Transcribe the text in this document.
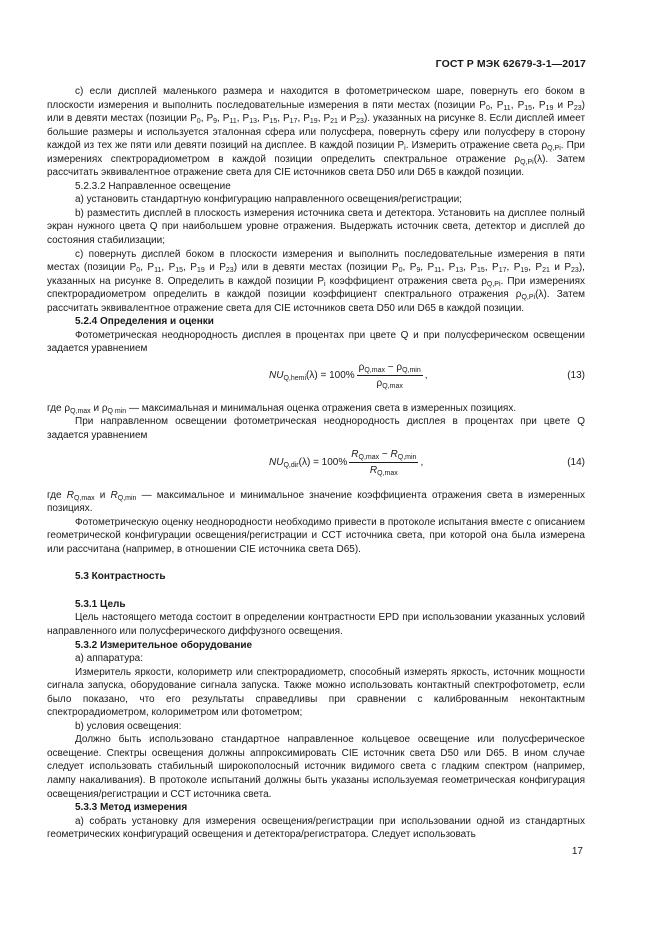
ГОСТ Р МЭК 62679-3-1—2017

c) если дисплей маленького размера и находится в фотометрическом шаре, повернуть его боком в плоскости измерения и выполнить последовательные измерения в пяти местах (позиции $P_0$, $P_{11}$, $P_{15}$, $P_{19}$ и $P_{23}$) или в девяти местах (позиции $P_0$, $P_9$, $P_{11}$, $P_{13}$, $P_{15}$, $P_{17}$, $P_{19}$, $P_{21}$ и $P_{23}$). указанных на рисунке 8. Если дисплей имеет большие размеры и используется эталонная сфера или полусфера, повернуть сферу или полусферу в сторону каждой из тех же пяти или девяти позиций на дисплее. В каждой позиции $P_i$. Измерить отражение света $\rho_{Q,Pi}$. При измерениях спектрорадиометром в каждой позиции определить спектральное отражение $\rho_{Q,Pi}(\lambda)$. Затем рассчитать эквивалентное отражение света для CIE источников света D50 или D65 в каждой позиции.

5.2.3.2 Направленное освещение

a) установить стандартную конфигурацию направленного освещения/регистрации;

b) разместить дисплей в плоскость измерения источника света и детектора. Установить на дисплее полный экран нужного цвета Q при наибольшем уровне отражения. Выдержать источник света, детектор и дисплей до состояния стабилизации;

c) повернуть дисплей боком в плоскости измерения и выполнить последовательные измерения в пяти местах (позиции $P_0$, $P_{11}$, $P_{15}$, $P_{19}$ и $P_{23}$) или в девяти местах (позиции $P_0$, $P_9$, $P_{11}$, $P_{13}$, $P_{15}$, $P_{17}$, $P_{19}$, $P_{21}$ и $P_{23}$), указанных на рисунке 8. Определить в каждой позиции $P_i$ коэффициент отражения света $\rho_{Q,Pi}$. При измерениях спектрорадиометром определить в каждой позиции коэффициент спектрального отражения $\rho_{Q,Pi}(\lambda)$. Затем рассчитать эквивалентное отражение света для CIE источников света D50 или D65 в каждой позиции.

5.2.4 Определения и оценки

Фотометрическая неоднородность дисплея в процентах при цвете Q и при полусферическом освещении задается уравнением

$NU_{Q,hemi}(\lambda) = 100\% \frac{\rho_{Q,max} - \rho_{Q,min}}{\rho_{Q,max}}$ ,	(13)

где $\rho_{Q,max}$ и $\rho_{Q min}$ — максимальная и минимальная оценка отражения света в измеренных позициях.

При направленном освещении фотометрическая неоднородность дисплея в процентах при цвете Q задается уравнением

$NU_{Q,dir}(\lambda) = 100\% \frac{R_{Q,max} - R_{Q,min}}{R_{Q,max}}$ ,	(14)

где $R_{Q,max}$ и $R_{Q,min}$ — максимальное и минимальное значение коэффициента отражения света в измеренных позициях.

Фотометрическую оценку неоднородности необходимо привести в протоколе испытания вместе с описанием геометрической конфигурации освещения/регистрации и CCT источника света, при которой она была измерена или рассчитана (например, в отношении CIE источника света D65).

5.3 Контрастность

5.3.1 Цель

Цель настоящего метода состоит в определении контрастности EPD при использовании указанных условий направленного или полусферического диффузного освещения.

5.3.2 Измерительное оборудование

a) аппаратура:

Измеритель яркости, колориметр или спектрорадиометр, способный измерять яркость, источник мощности сигнала запуска, оборудование сигнала запуска. Также можно использовать контактный спектрофотометр, если было показано, что его результаты справедливы при сравнении с калиброванным неконтактным спектрорадиометром, колориметром или фотометром;

b) условия освещения:

Должно быть использовано стандартное направленное кольцевое освещение или полусферическое освещение. Спектры освещения должны аппроксимировать CIE источник света D50 или D65. В ином случае следует использовать стабильный широкополосный источник видимого света с гладким спектром (например, лампу накаливания). В протоколе испытаний должны быть указаны используемая геометрическая конфигурация освещения/регистрации и CCT источника света.

5.3.3 Метод измерения

a) собрать установку для измерения освещения/регистрации при использовании одной из стандартных геометрических конфигураций освещения и детектора/регистратора. Следует использовать

17
